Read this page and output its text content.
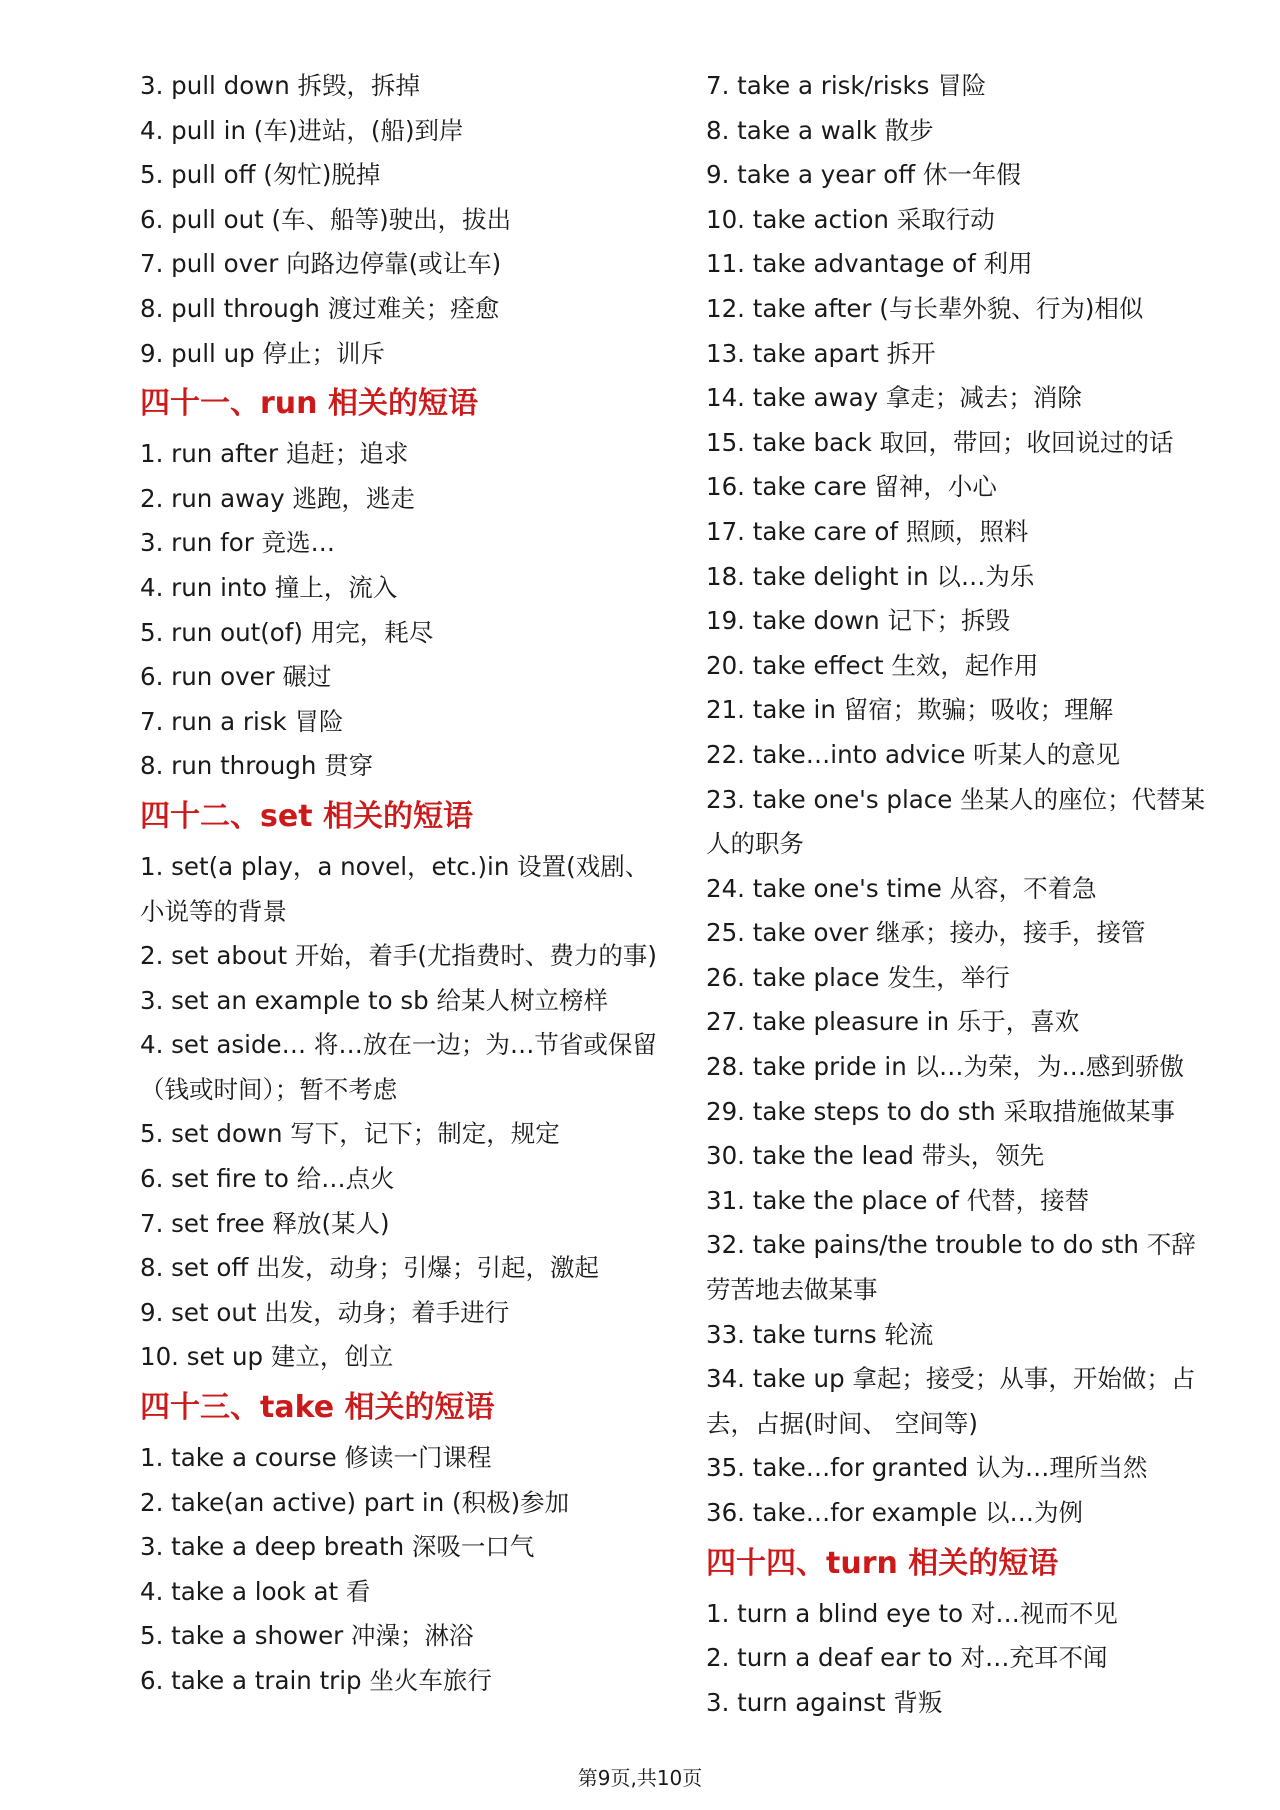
3. pull down 拆毁，拆掉
4. pull in (车)进站，(船)到岸
5. pull off (匆忙)脱掉
6. pull out (车、船等)驶出，拔出
7. pull over 向路边停靠(或让车)
8. pull through 渡过难关；痊愈
9. pull up 停止；训斥
四十一、run 相关的短语
1. run after 追赶；追求
2. run away 逃跑，逃走
3. run for 竞选…
4. run into 撞上，流入
5. run out(of) 用完，耗尽
6. run over 碾过
7. run a risk 冒险
8. run through 贯穿
四十二、set 相关的短语
1. set(a play，a novel，etc.)in 设置(戏剧、小说等的背景
2. set about 开始，着手(尤指费时、费力的事)
3. set an example to sb 给某人树立榜样
4. set aside… 将…放在一边；为…节省或保留（钱或时间）；暂不考虑
5. set down 写下，记下；制定，规定
6. set fire to 给…点火
7. set free 释放(某人)
8. set off 出发，动身；引爆；引起，激起
9. set out 出发，动身；着手进行
10. set up 建立，创立
四十三、take 相关的短语
1. take a course 修读一门课程
2. take(an active) part in (积极)参加
3. take a deep breath 深吸一口气
4. take a look at 看
5. take a shower 冲澡；淋浴
6. take a train trip 坐火车旅行
7. take a risk/risks 冒险
8. take a walk 散步
9. take a year off 休一年假
10. take action 采取行动
11. take advantage of 利用
12. take after (与长辈外貌、行为)相似
13. take apart 拆开
14. take away 拿走；减去；消除
15. take back 取回，带回；收回说过的话
16. take care 留神，小心
17. take care of 照顾，照料
18. take delight in 以…为乐
19. take down 记下；拆毁
20. take effect 生效，起作用
21. take in 留宿；欺骗；吸收；理解
22. take…into advice 听某人的意见
23. take one's place 坐某人的座位；代替某人的职务
24. take one's time 从容，不着急
25. take over 继承；接办，接手，接管
26. take place 发生，举行
27. take pleasure in 乐于，喜欢
28. take pride in 以…为荣，为…感到骄傲
29. take steps to do sth 采取措施做某事
30. take the lead 带头，领先
31. take the place of 代替，接替
32. take pains/the trouble to do sth 不辞劳苦地去做某事
33. take turns 轮流
34. take up 拿起；接受；从事，开始做；占去，占据(时间、 空间等)
35. take…for granted 认为…理所当然
36. take…for example 以…为例
四十四、turn 相关的短语
1. turn a blind eye to 对…视而不见
2. turn a deaf ear to 对…充耳不闻
3. turn against 背叛
第9页,共10页
